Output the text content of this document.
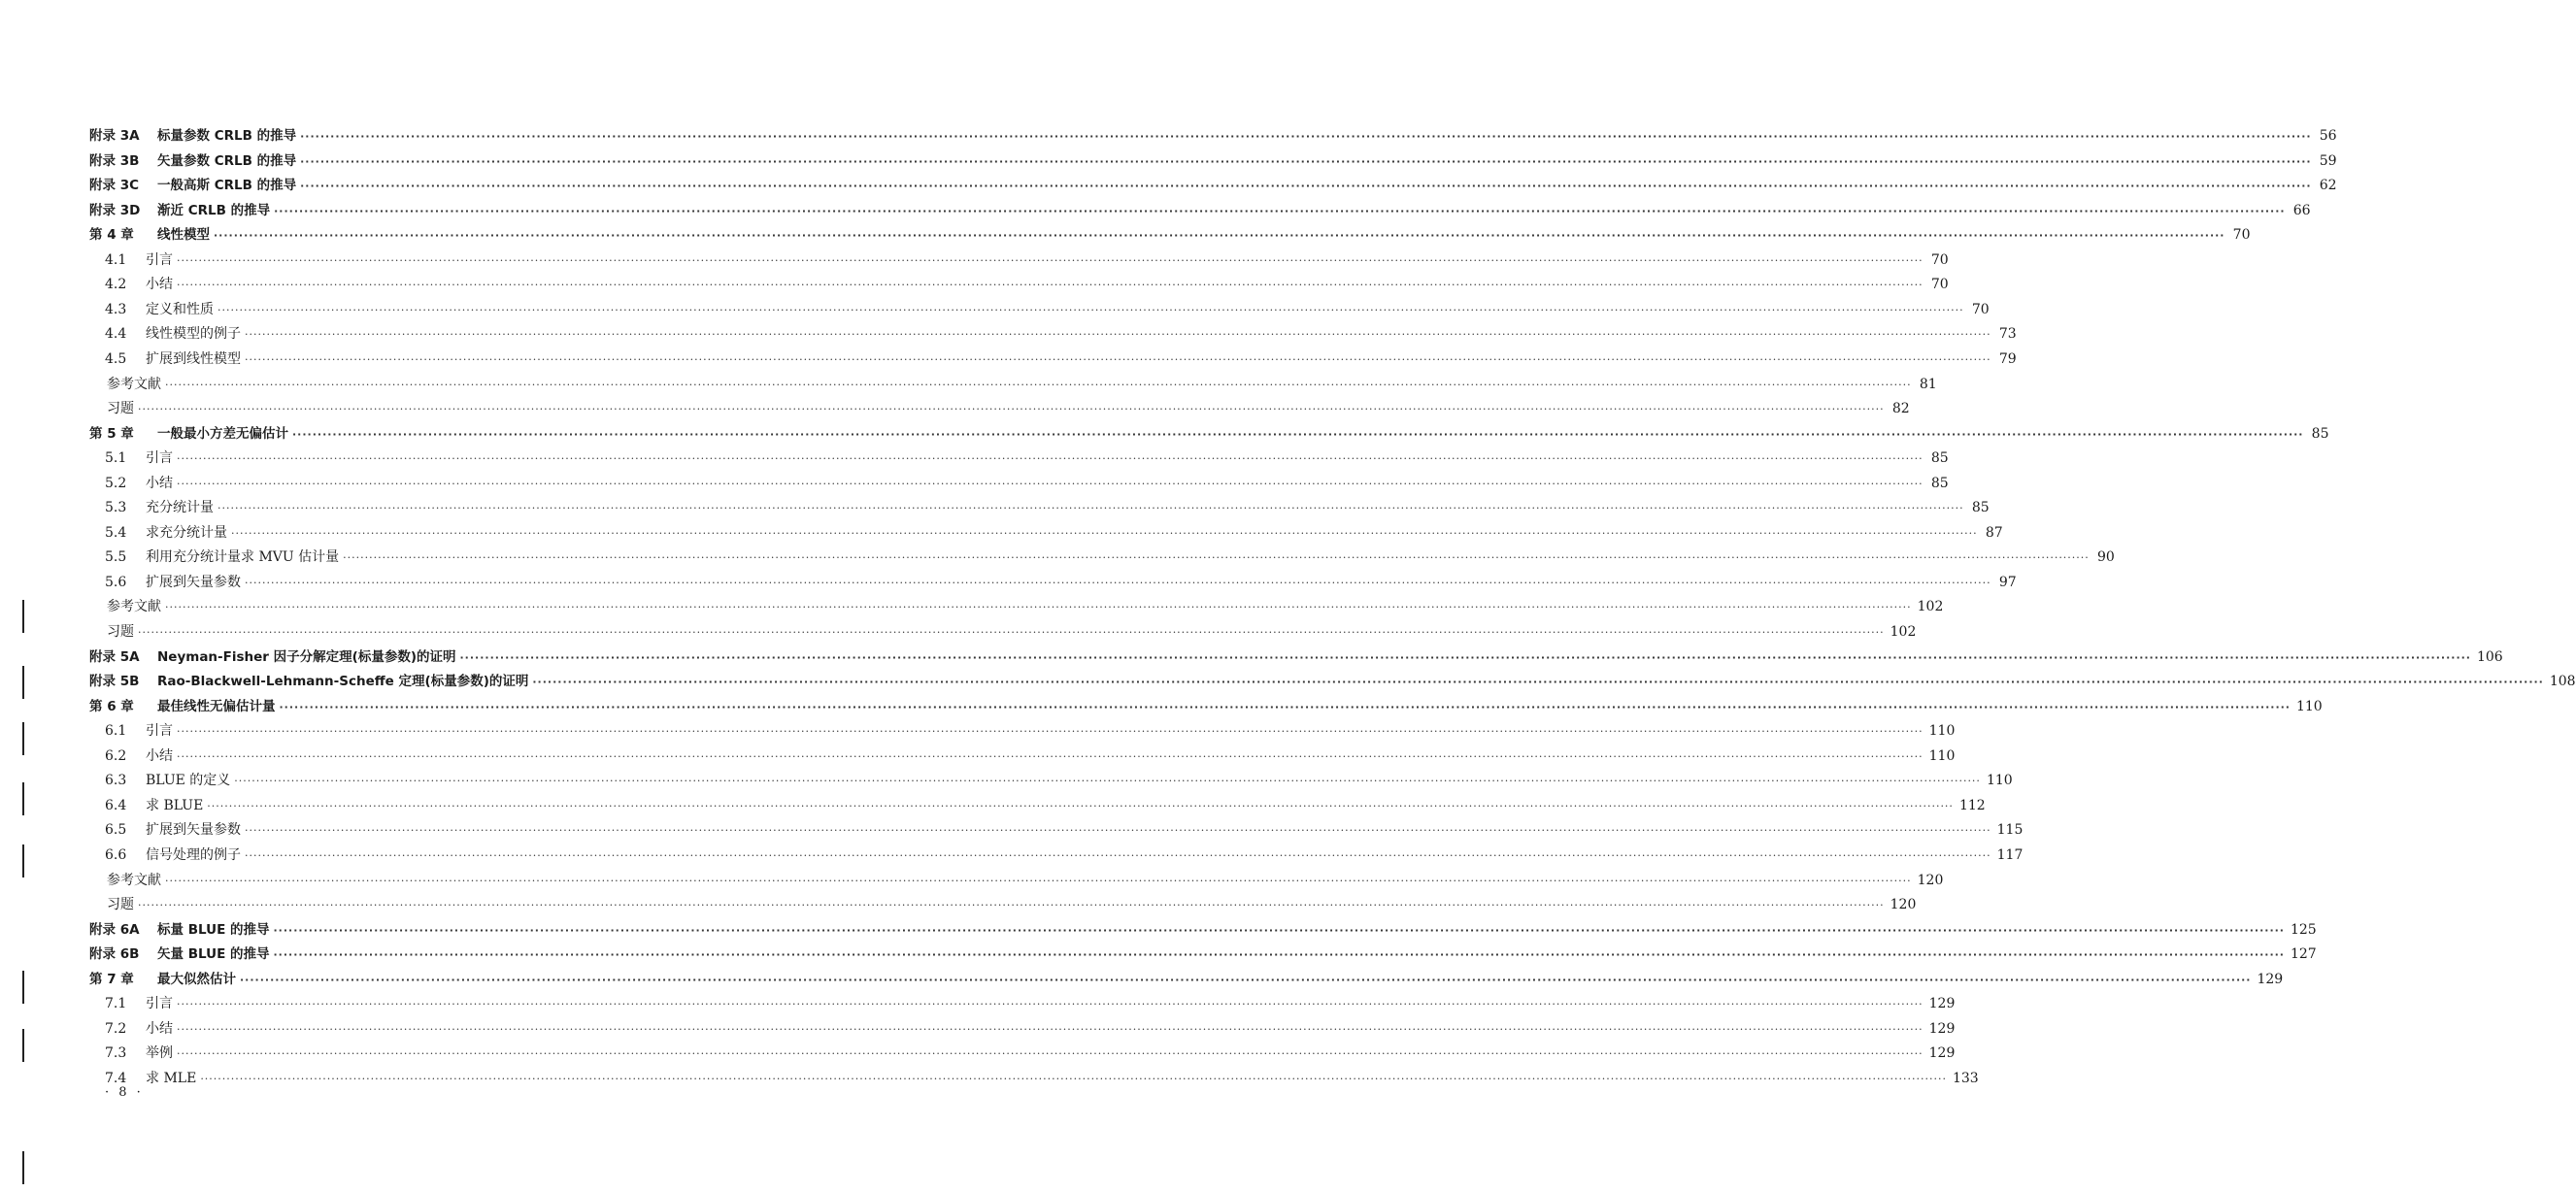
附录 3A 标量参数 CRLB 的推导 ················································································································································································································································································································································································································ 56
附录 3B 矢量参数 CRLB 的推导 ················································································································································································································································································································································································································ 59
附录 3C 一般高斯 CRLB 的推导 ················································································································································································································································································································································································································ 62
附录 3D 渐近 CRLB 的推导 ················································································································································································································································································································································································································ 66
第 4 章 线性模型 ················································································································································································································································································································································································································ 70
4.1 引言 ················································································································································································································································································································································································································ 70
4.2 小结 ················································································································································································································································································································································································································ 70
4.3 定义和性质 ················································································································································································································································································································································································································ 70
4.4 线性模型的例子 ················································································································································································································································································································································································································ 73
4.5 扩展到线性模型 ················································································································································································································································································································································································································ 79
参考文献 ················································································································································································································································································································································································································ 81
习题 ················································································································································································································································································································································································································ 82
第 5 章 一般最小方差无偏估计 ················································································································································································································································································································································································································ 85
5.1 引言 ················································································································································································································································································································································································································ 85
5.2 小结 ················································································································································································································································································································································································································ 85
5.3 充分统计量 ················································································································································································································································································································································································································ 85
5.4 求充分统计量 ················································································································································································································································································································································································································ 87
5.5 利用充分统计量求 MVU 估计量 ················································································································································································································································································································································································································ 90
5.6 扩展到矢量参数 ················································································································································································································································································································································································································ 97
参考文献 ················································································································································································································································································································································································································ 102
习题 ················································································································································································································································································································································································································ 102
附录 5A Neyman-Fisher 因子分解定理(标量参数)的证明 ················································································································································································································································································································································································································ 106
附录 5B Rao-Blackwell-Lehmann-Scheffe 定理(标量参数)的证明 ················································································································································································································································································································································································································ 108
第 6 章 最佳线性无偏估计量 ················································································································································································································································································································································································································ 110
6.1 引言 ················································································································································································································································································································································································································ 110
6.2 小结 ················································································································································································································································································································································································································ 110
6.3 BLUE 的定义 ················································································································································································································································································································································································································ 110
6.4 求 BLUE ················································································································································································································································································································································································································ 112
6.5 扩展到矢量参数 ················································································································································································································································································································································································································ 115
6.6 信号处理的例子 ················································································································································································································································································································································································································ 117
参考文献 ················································································································································································································································································································································································································ 120
习题 ················································································································································································································································································································································································································ 120
附录 6A 标量 BLUE 的推导 ················································································································································································································································································································································································································ 125
附录 6B 矢量 BLUE 的推导 ················································································································································································································································································································································································································ 127
第 7 章 最大似然估计 ················································································································································································································································································································································································································ 129
7.1 引言 ················································································································································································································································································································································································································ 129
7.2 小结 ················································································································································································································································································································································································································ 129
7.3 举例 ················································································································································································································································································································································································································ 129
7.4 求 MLE ················································································································································································································································································································································································································ 133
· 8 ·
